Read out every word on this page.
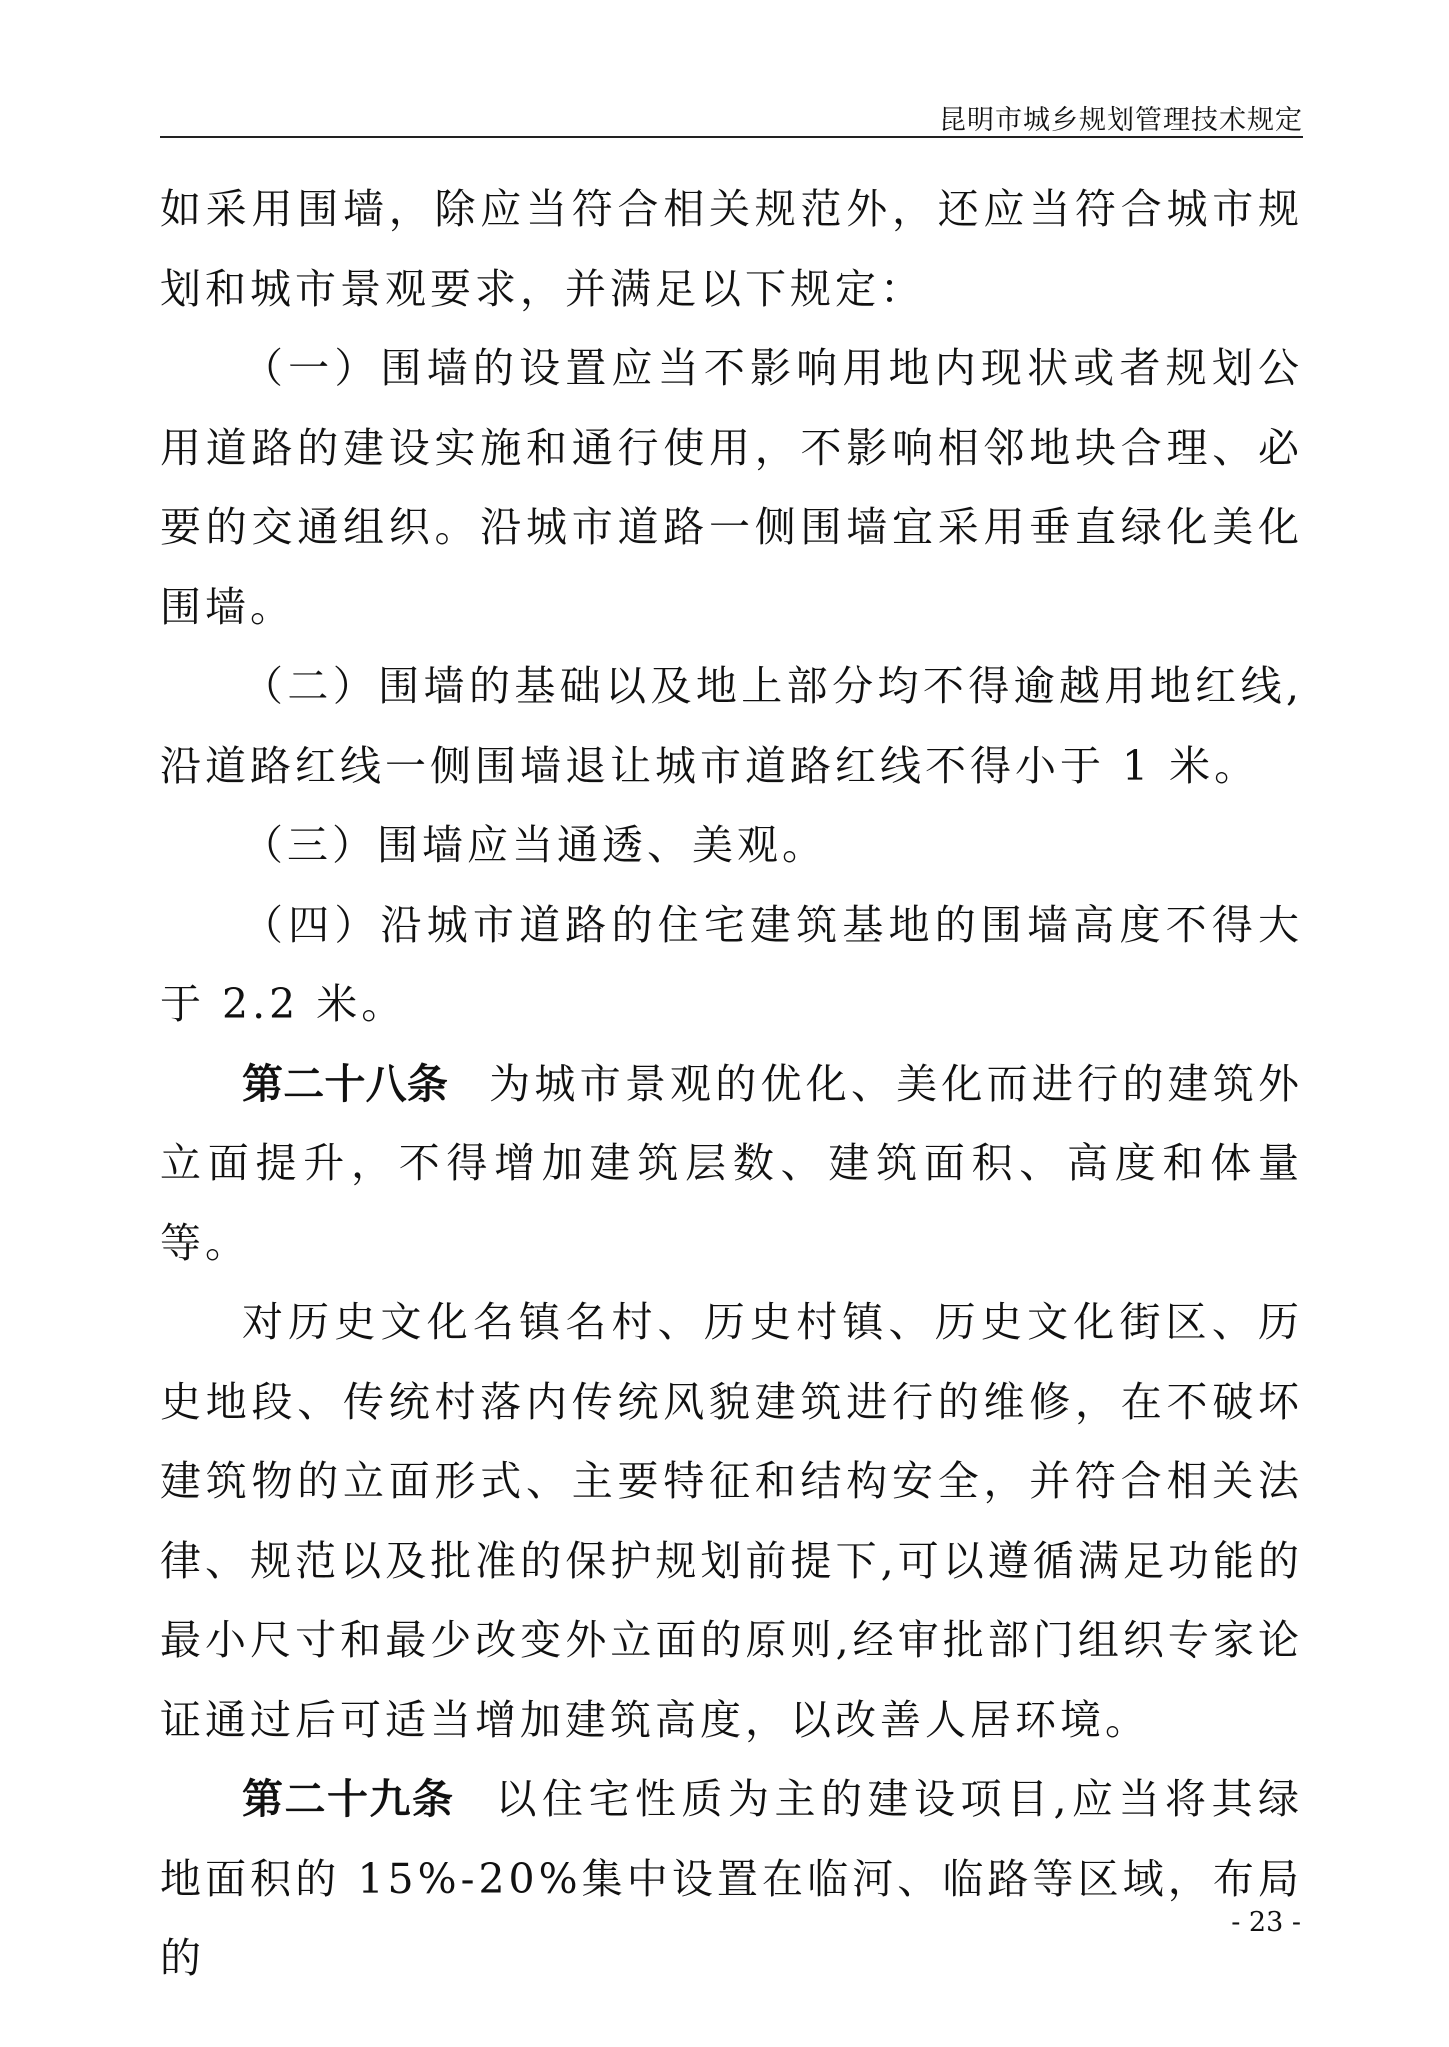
昆明市城乡规划管理技术规定

如采用围墙，除应当符合相关规范外，还应当符合城市规划和城市景观要求，并满足以下规定：

（一）围墙的设置应当不影响用地内现状或者规划公用道路的建设实施和通行使用，不影响相邻地块合理、必要的交通组织。沿城市道路一侧围墙宜采用垂直绿化美化围墙。

（二）围墙的基础以及地上部分均不得逾越用地红线,沿道路红线一侧围墙退让城市道路红线不得小于 1 米。

（三）围墙应当通透、美观。

（四）沿城市道路的住宅建筑基地的围墙高度不得大于 2.2 米。

第二十八条 为城市景观的优化、美化而进行的建筑外立面提升，不得增加建筑层数、建筑面积、高度和体量等。

对历史文化名镇名村、历史村镇、历史文化街区、历史地段、传统村落内传统风貌建筑进行的维修，在不破坏建筑物的立面形式、主要特征和结构安全，并符合相关法律、规范以及批准的保护规划前提下,可以遵循满足功能的最小尺寸和最少改变外立面的原则,经审批部门组织专家论证通过后可适当增加建筑高度，以改善人居环境。

第二十九条 以住宅性质为主的建设项目,应当将其绿地面积的 15%-20%集中设置在临河、临路等区域，布局的

- 23 -
